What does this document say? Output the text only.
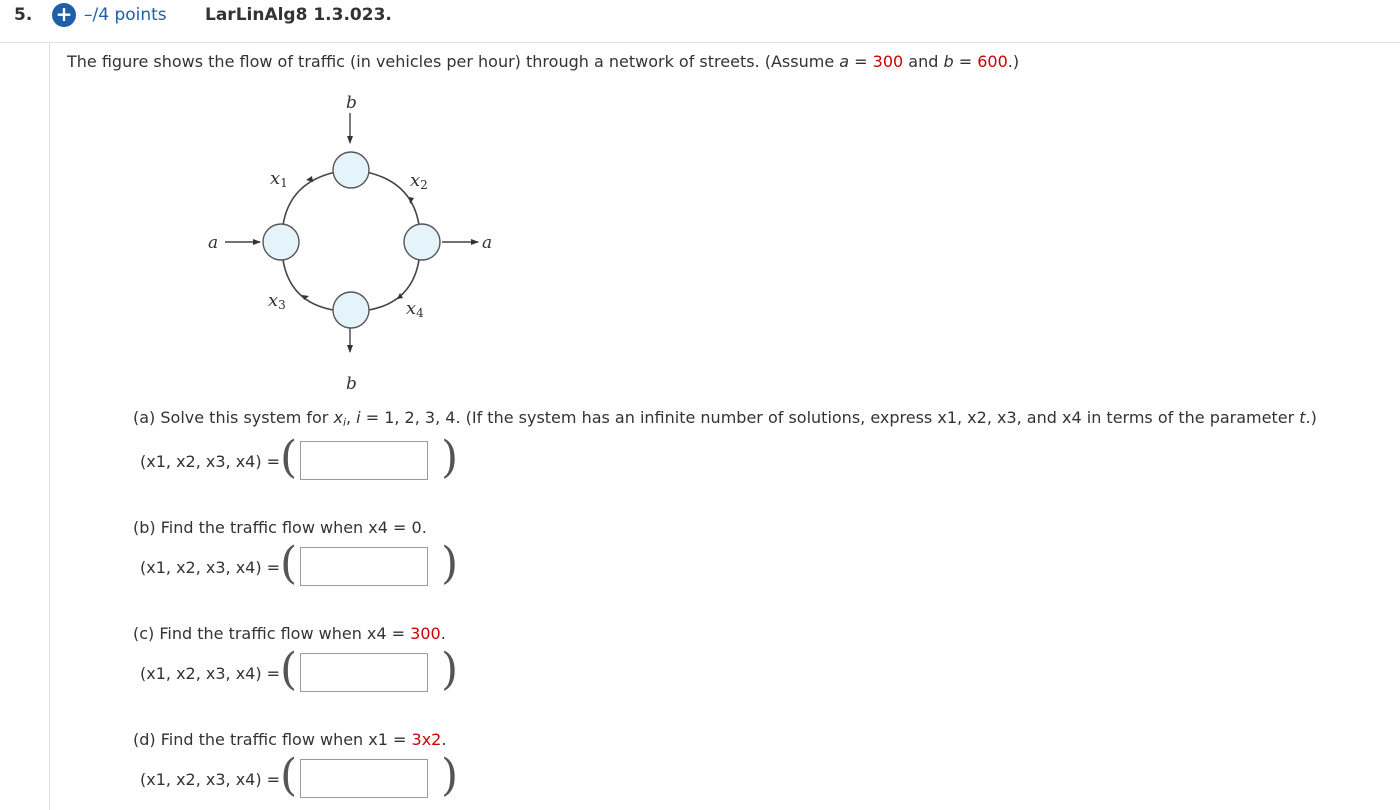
5. + –/4 points LarLinAlg8 1.3.023.
The figure shows the flow of traffic (in vehicles per hour) through a network of streets. (Assume a = 300 and b = 600.)
b
b
a	a
x1	x2
x3	x4
(a) Solve this system for $x_i$, i = 1, 2, 3, 4. (If the system has an infinite number of solutions, express x1, x2, x3, and x4 in terms of the parameter t.)
(x1, x2, x3, x4) = (	)
(b) Find the traffic flow when x4 = 0.
(x1, x2, x3, x4) = (	)
(c) Find the traffic flow when x4 = 300.
(x1, x2, x3, x4) = (	)
(d) Find the traffic flow when x1 = 3x2.
(x1, x2, x3, x4) = (	)
